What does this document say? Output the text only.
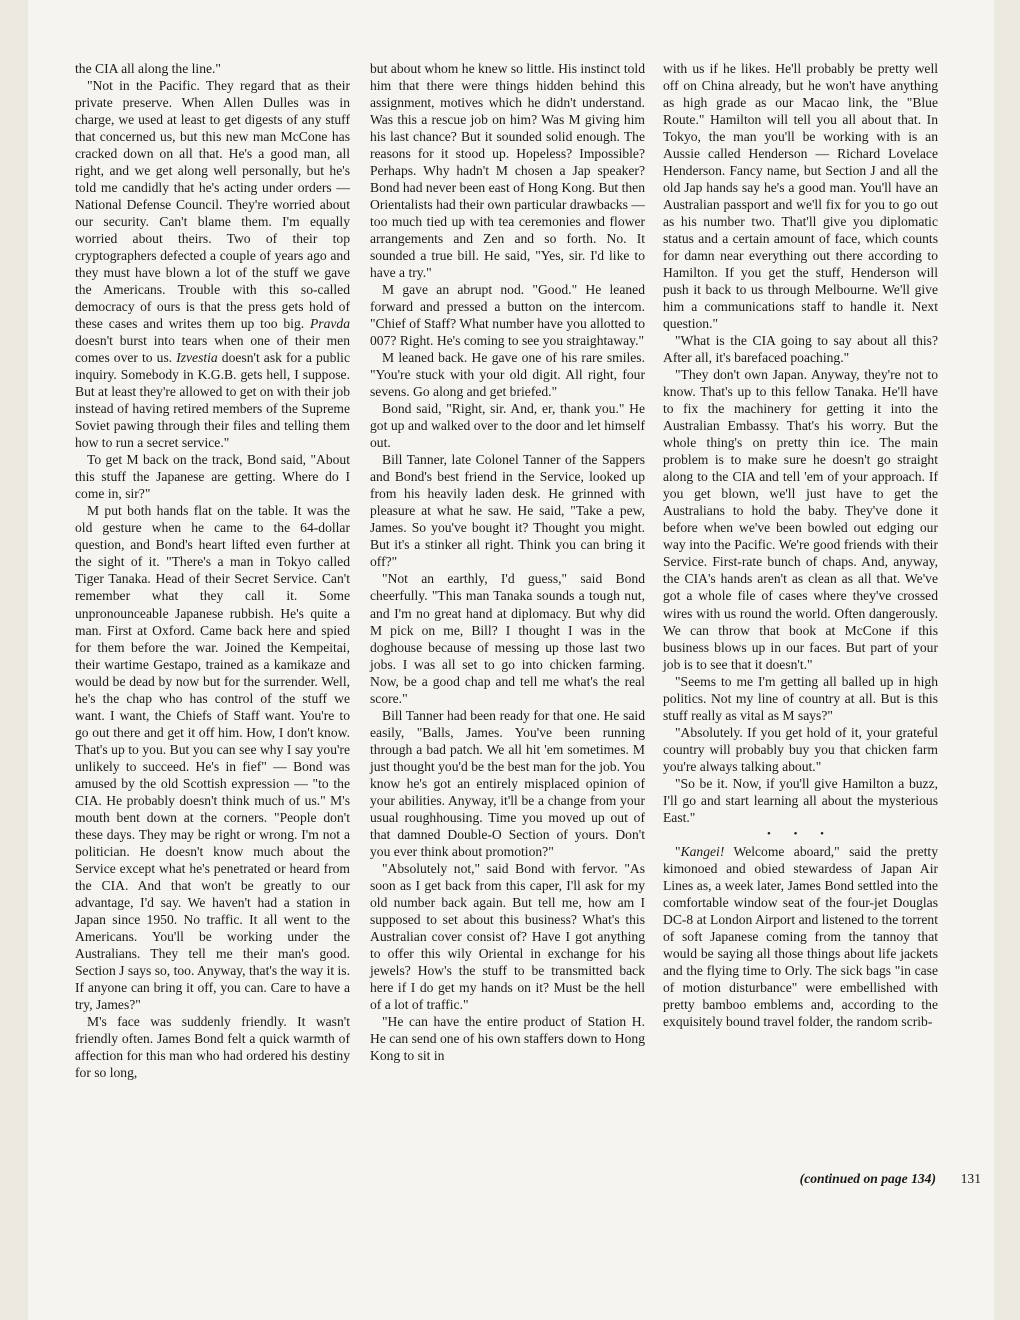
the CIA all along the line."

"Not in the Pacific. They regard that as their private preserve. When Allen Dulles was in charge, we used at least to get digests of any stuff that concerned us, but this new man McCone has cracked down on all that. He's a good man, all right, and we get along well personally, but he's told me candidly that he's acting under orders — National Defense Council. They're worried about our security. Can't blame them. I'm equally worried about theirs. Two of their top cryptographers defected a couple of years ago and they must have blown a lot of the stuff we gave the Americans. Trouble with this so-called democracy of ours is that the press gets hold of these cases and writes them up too big. Pravda doesn't burst into tears when one of their men comes over to us. Izvestia doesn't ask for a public inquiry. Somebody in K.G.B. gets hell, I suppose. But at least they're allowed to get on with their job instead of having retired members of the Supreme Soviet pawing through their files and telling them how to run a secret service."

To get M back on the track, Bond said, "About this stuff the Japanese are getting. Where do I come in, sir?"

M put both hands flat on the table. It was the old gesture when he came to the 64-dollar question, and Bond's heart lifted even further at the sight of it. "There's a man in Tokyo called Tiger Tanaka. Head of their Secret Service. Can't remember what they call it. Some unpronounceable Japanese rubbish. He's quite a man. First at Oxford. Came back here and spied for them before the war. Joined the Kempeitai, their wartime Gestapo, trained as a kamikaze and would be dead by now but for the surrender. Well, he's the chap who has control of the stuff we want. I want, the Chiefs of Staff want. You're to go out there and get it off him. How, I don't know. That's up to you. But you can see why I say you're unlikely to succeed. He's in fief" — Bond was amused by the old Scottish expression — "to the CIA. He probably doesn't think much of us." M's mouth bent down at the corners. "People don't these days. They may be right or wrong. I'm not a politician. He doesn't know much about the Service except what he's penetrated or heard from the CIA. And that won't be greatly to our advantage, I'd say. We haven't had a station in Japan since 1950. No traffic. It all went to the Americans. You'll be working under the Australians. They tell me their man's good. Section J says so, too. Anyway, that's the way it is. If anyone can bring it off, you can. Care to have a try, James?"

M's face was suddenly friendly. It wasn't friendly often. James Bond felt a quick warmth of affection for this man who had ordered his destiny for so long,

but about whom he knew so little. His instinct told him that there were things hidden behind this assignment, motives which he didn't understand. Was this a rescue job on him? Was M giving him his last chance? But it sounded solid enough. The reasons for it stood up. Hopeless? Impossible? Perhaps. Why hadn't M chosen a Jap speaker? Bond had never been east of Hong Kong. But then Orientalists had their own particular drawbacks — too much tied up with tea ceremonies and flower arrangements and Zen and so forth. No. It sounded a true bill. He said, "Yes, sir. I'd like to have a try."

M gave an abrupt nod. "Good." He leaned forward and pressed a button on the intercom. "Chief of Staff? What number have you allotted to 007? Right. He's coming to see you straightaway."

M leaned back. He gave one of his rare smiles. "You're stuck with your old digit. All right, four sevens. Go along and get briefed."

Bond said, "Right, sir. And, er, thank you." He got up and walked over to the door and let himself out.

Bill Tanner, late Colonel Tanner of the Sappers and Bond's best friend in the Service, looked up from his heavily laden desk. He grinned with pleasure at what he saw. He said, "Take a pew, James. So you've bought it? Thought you might. But it's a stinker all right. Think you can bring it off?"

"Not an earthly, I'd guess," said Bond cheerfully. "This man Tanaka sounds a tough nut, and I'm no great hand at diplomacy. But why did M pick on me, Bill? I thought I was in the doghouse because of messing up those last two jobs. I was all set to go into chicken farming. Now, be a good chap and tell me what's the real score."

Bill Tanner had been ready for that one. He said easily, "Balls, James. You've been running through a bad patch. We all hit 'em sometimes. M just thought you'd be the best man for the job. You know he's got an entirely misplaced opinion of your abilities. Anyway, it'll be a change from your usual roughhousing. Time you moved up out of that damned Double-O Section of yours. Don't you ever think about promotion?"

"Absolutely not," said Bond with fervor. "As soon as I get back from this caper, I'll ask for my old number back again. But tell me, how am I supposed to set about this business? What's this Australian cover consist of? Have I got anything to offer this wily Oriental in exchange for his jewels? How's the stuff to be transmitted back here if I do get my hands on it? Must be the hell of a lot of traffic."

"He can have the entire product of Station H. He can send one of his own staffers down to Hong Kong to sit in

with us if he likes. He'll probably be pretty well off on China already, but he won't have anything as high grade as our Macao link, the "Blue Route." Hamilton will tell you all about that. In Tokyo, the man you'll be working with is an Aussie called Henderson — Richard Lovelace Henderson. Fancy name, but Section J and all the old Jap hands say he's a good man. You'll have an Australian passport and we'll fix for you to go out as his number two. That'll give you diplomatic status and a certain amount of face, which counts for damn near everything out there according to Hamilton. If you get the stuff, Henderson will push it back to us through Melbourne. We'll give him a communications staff to handle it. Next question."

"What is the CIA going to say about all this? After all, it's barefaced poaching."

"They don't own Japan. Anyway, they're not to know. That's up to this fellow Tanaka. He'll have to fix the machinery for getting it into the Australian Embassy. That's his worry. But the whole thing's on pretty thin ice. The main problem is to make sure he doesn't go straight along to the CIA and tell 'em of your approach. If you get blown, we'll just have to get the Australians to hold the baby. They've done it before when we've been bowled out edging our way into the Pacific. We're good friends with their Service. First-rate bunch of chaps. And, anyway, the CIA's hands aren't as clean as all that. We've got a whole file of cases where they've crossed wires with us round the world. Often dangerously. We can throw that book at McCone if this business blows up in our faces. But part of your job is to see that it doesn't."

"Seems to me I'm getting all balled up in high politics. Not my line of country at all. But is this stuff really as vital as M says?"

"Absolutely. If you get hold of it, your grateful country will probably buy you that chicken farm you're always talking about."

"So be it. Now, if you'll give Hamilton a buzz, I'll go and start learning all about the mysterious East."

• • •

"Kangei! Welcome aboard," said the pretty kimonoed and obied stewardess of Japan Air Lines as, a week later, James Bond settled into the comfortable window seat of the four-jet Douglas DC-8 at London Airport and listened to the torrent of soft Japanese coming from the tannoy that would be saying all those things about life jackets and the flying time to Orly. The sick bags "in case of motion disturbance" were embellished with pretty bamboo emblems and, according to the exquisitely bound travel folder, the random scrib-

(continued on page 134) 131
